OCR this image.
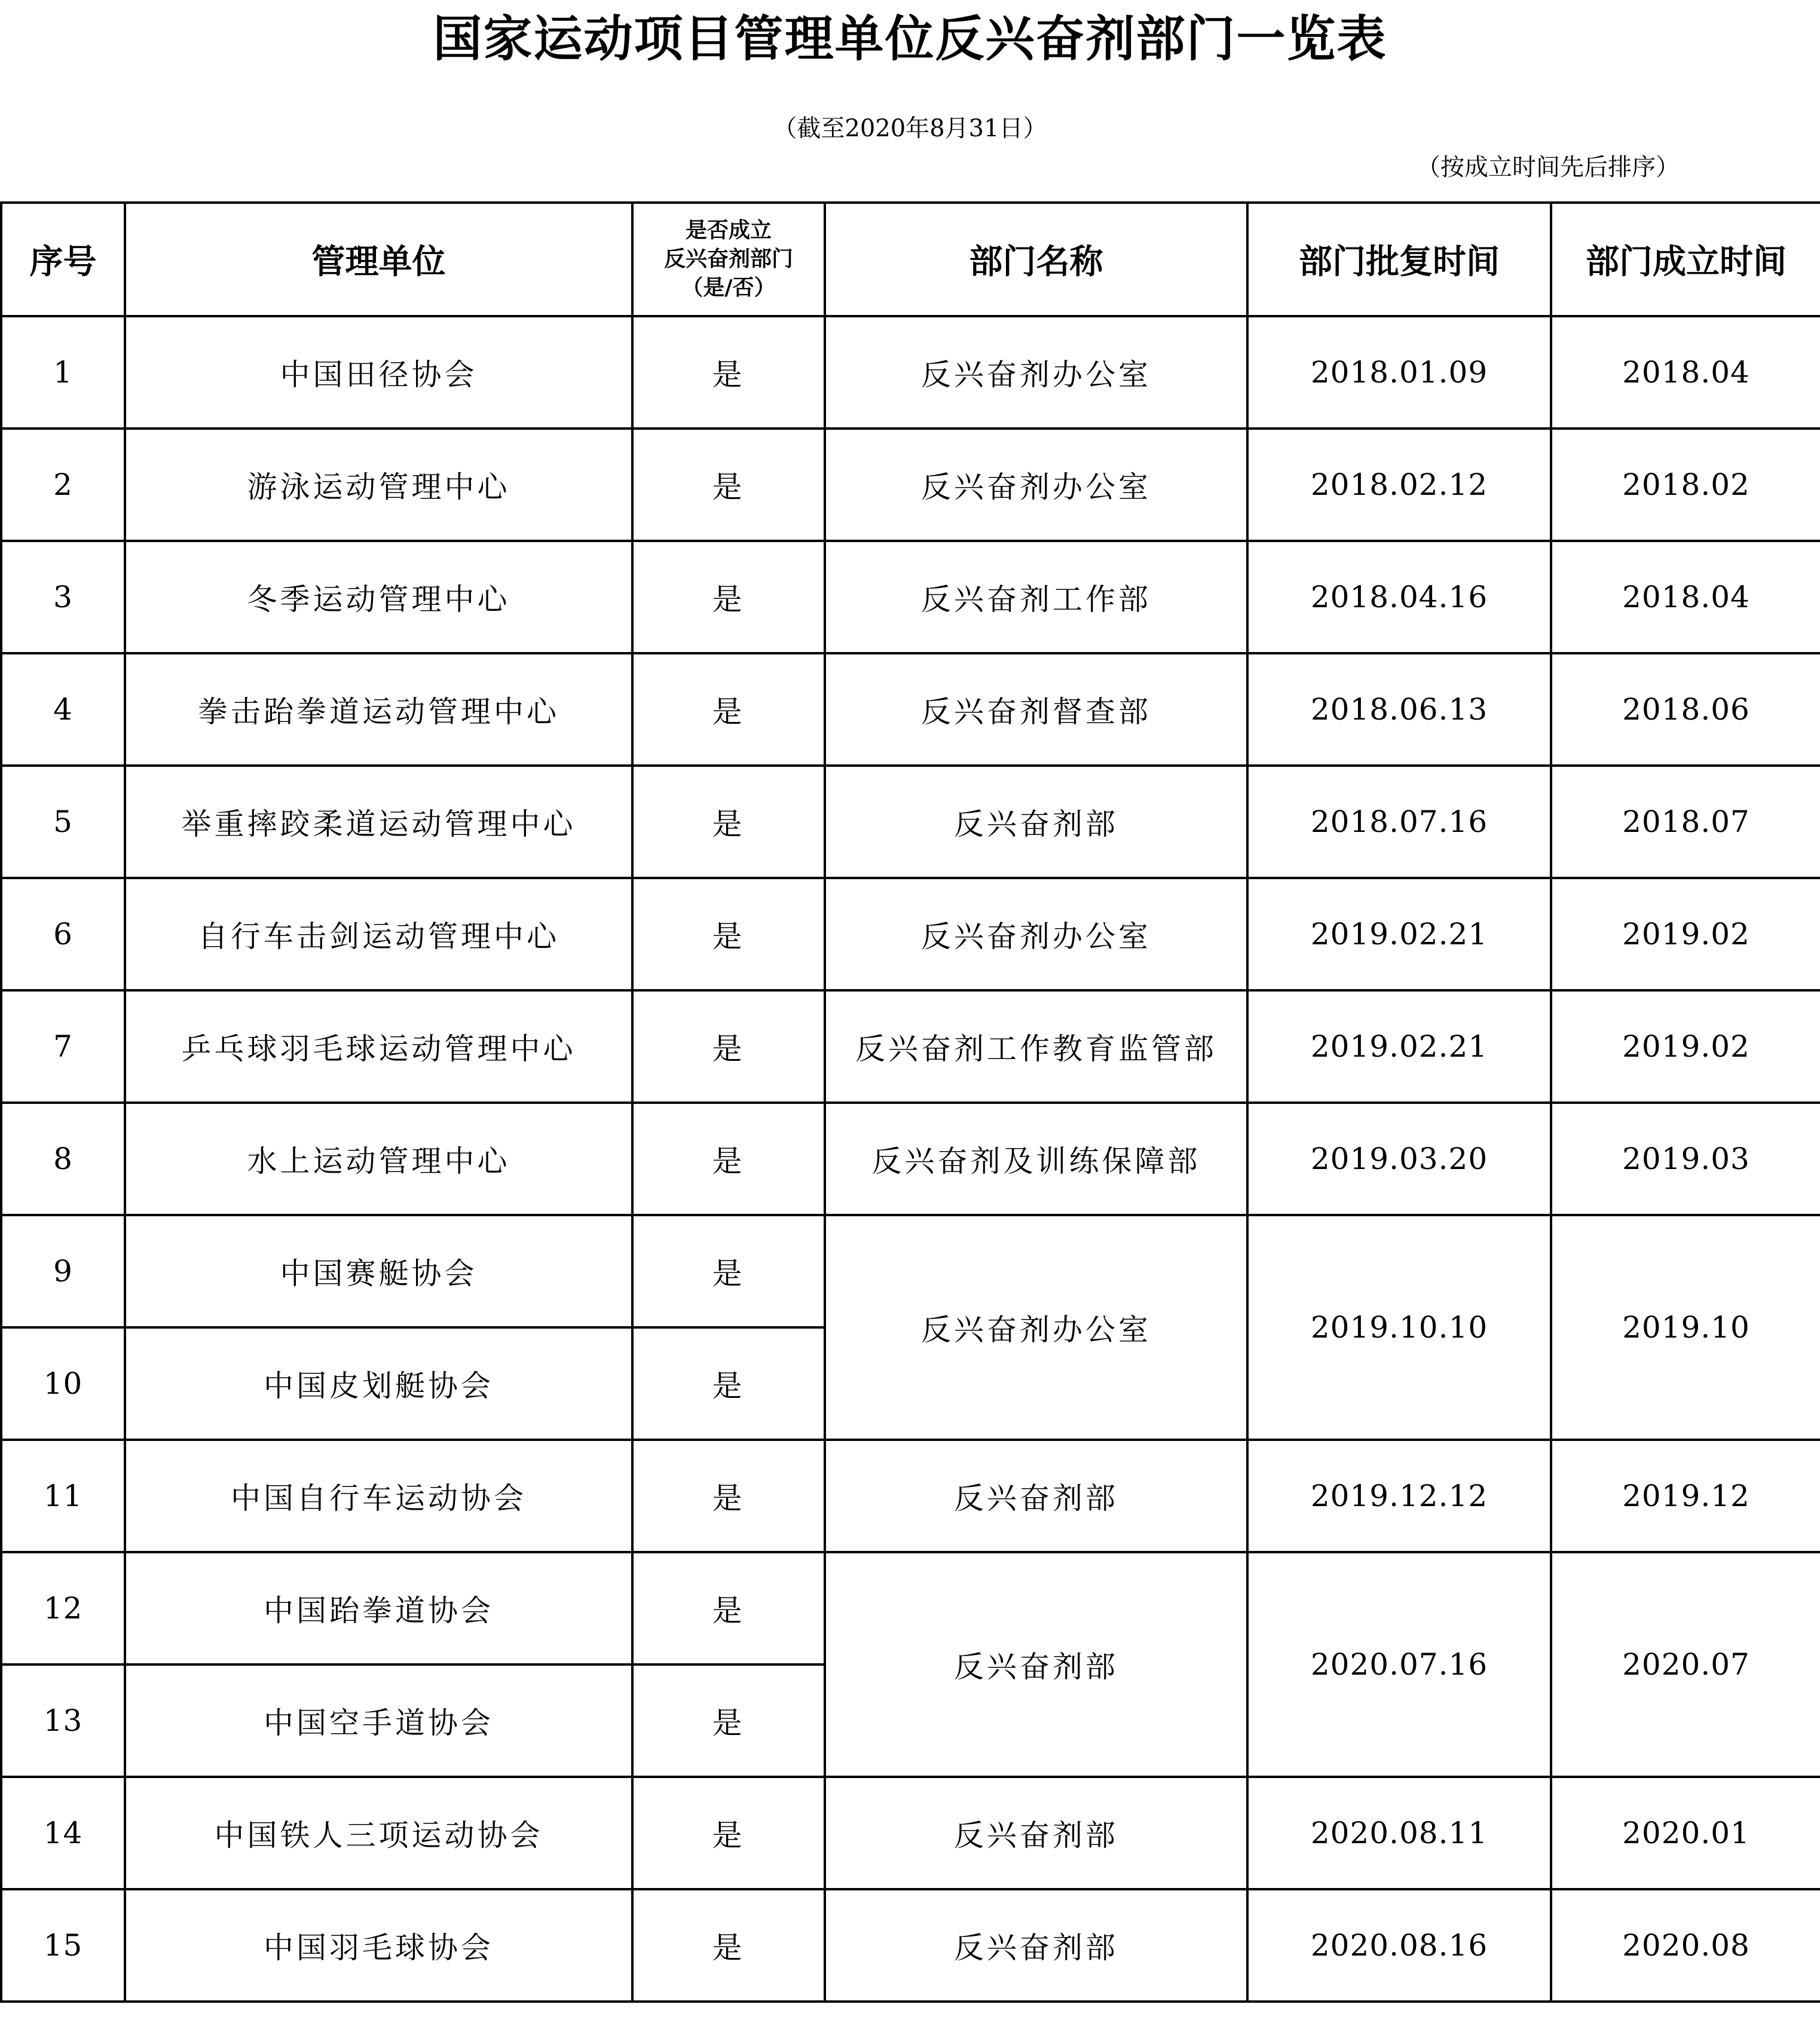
国家运动项目管理单位反兴奋剂部门一览表
（截至2020年8月31日）
（按成立时间先后排序）
序号	管理单位	是否成立
反兴奋剂部门
（是/否）	部门名称	部门批复时间	部门成立时间
1	中国田径协会	是	反兴奋剂办公室	2018.01.09	2018.04
2	游泳运动管理中心	是	反兴奋剂办公室	2018.02.12	2018.02
3	冬季运动管理中心	是	反兴奋剂工作部	2018.04.16	2018.04
4	拳击跆拳道运动管理中心	是	反兴奋剂督查部	2018.06.13	2018.06
5	举重摔跤柔道运动管理中心	是	反兴奋剂部	2018.07.16	2018.07
6	自行车击剑运动管理中心	是	反兴奋剂办公室	2019.02.21	2019.02
7	乒乓球羽毛球运动管理中心	是	反兴奋剂工作教育监管部	2019.02.21	2019.02
8	水上运动管理中心	是	反兴奋剂及训练保障部	2019.03.20	2019.03
9	中国赛艇协会	是	反兴奋剂办公室	2019.10.10	2019.10
10	中国皮划艇协会	是			
11	中国自行车运动协会	是	反兴奋剂部	2019.12.12	2019.12
12	中国跆拳道协会	是	反兴奋剂部	2020.07.16	2020.07
13	中国空手道协会	是			
14	中国铁人三项运动协会	是	反兴奋剂部	2020.08.11	2020.01
15	中国羽毛球协会	是	反兴奋剂部	2020.08.16	2020.08
